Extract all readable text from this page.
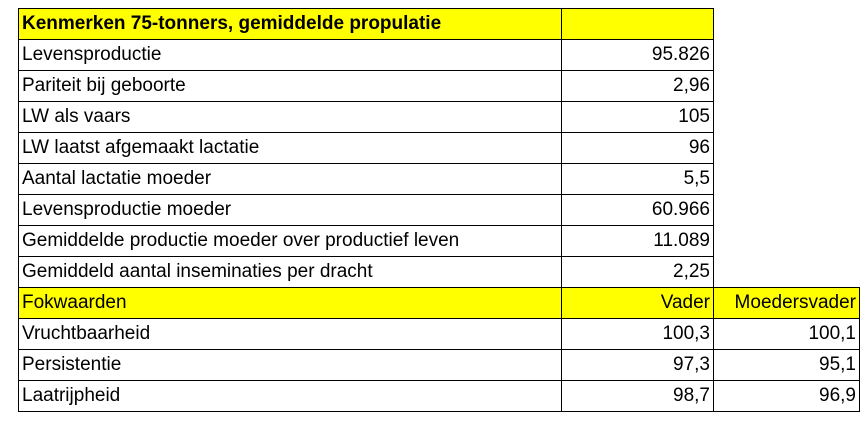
Kenmerken 75-tonners, gemiddelde propulatie		
Levensproductie	95.826	
Pariteit bij geboorte	2,96	
LW als vaars	105	
LW laatst afgemaakt lactatie	96	
Aantal lactatie moeder	5,5	
Levensproductie moeder	60.966	
Gemiddelde productie moeder over productief leven	11.089	
Gemiddeld aantal inseminaties per dracht	2,25	
Fokwaarden	Vader	Moedersvader
Vruchtbaarheid	100,3	100,1
Persistentie	97,3	95,1
Laatrijpheid	98,7	96,9
